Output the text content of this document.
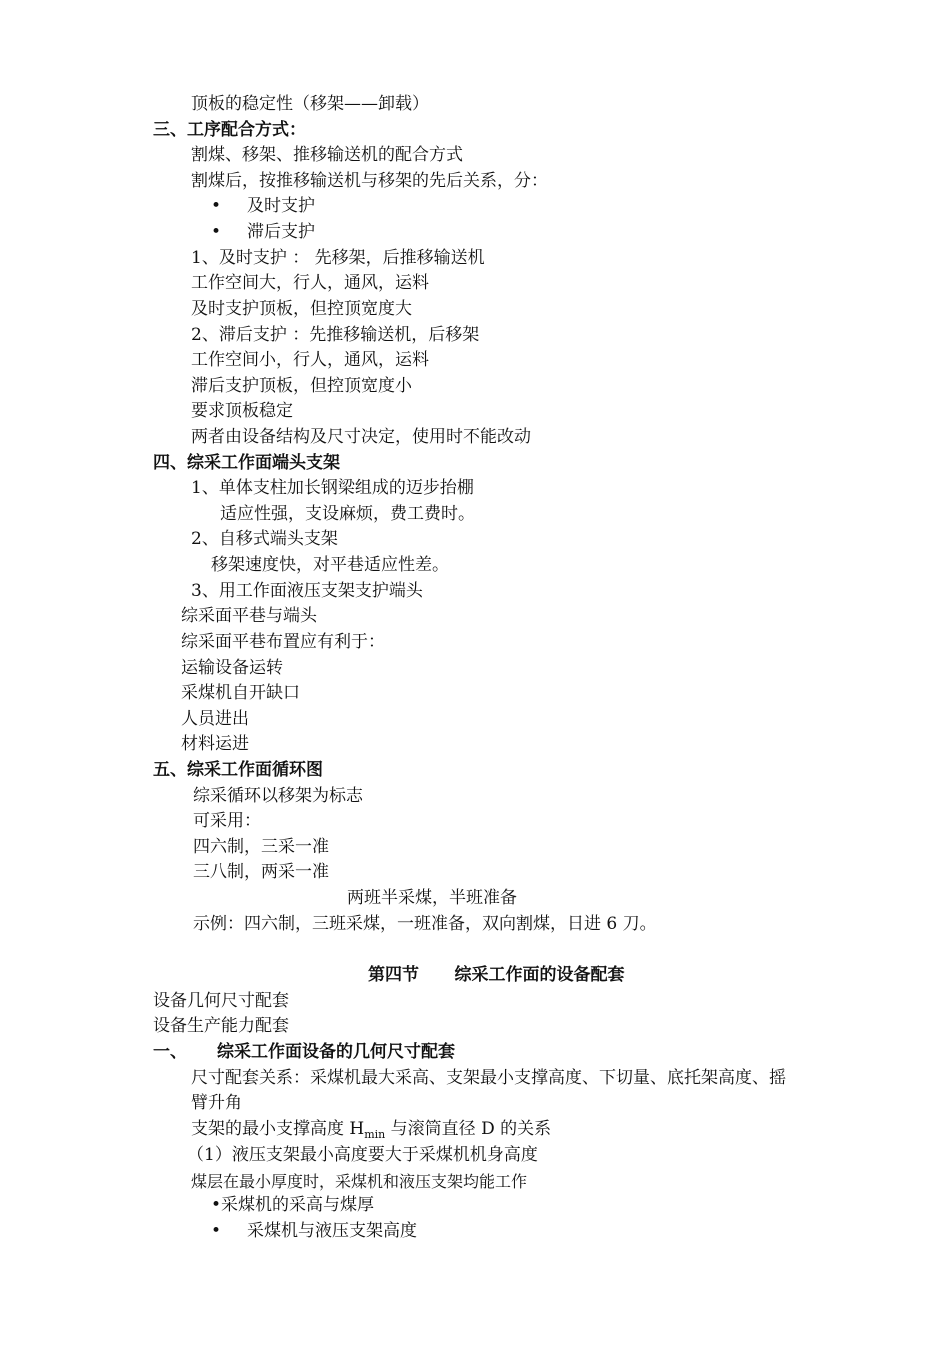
顶板的稳定性（移架——卸载）
三、工序配合方式：
割煤、移架、推移输送机的配合方式
割煤后，按推移输送机与移架的先后关系，分：
• 及时支护
• 滞后支护
1、及时支护 ： 先移架，后推移输送机
工作空间大，行人，通风，运料
及时支护顶板，但控顶宽度大
2、滞后支护 ：先推移输送机，后移架
工作空间小，行人，通风，运料
滞后支护顶板，但控顶宽度小
要求顶板稳定
两者由设备结构及尺寸决定，使用时不能改动
四、综采工作面端头支架
1、单体支柱加长钢梁组成的迈步抬棚
适应性强，支设麻烦，费工费时。
2、自移式端头支架
移架速度快，对平巷适应性差。
3、用工作面液压支架支护端头
综采面平巷与端头
综采面平巷布置应有利于：
运输设备运转
采煤机自开缺口
人员进出
材料运进
五、综采工作面循环图
综采循环以移架为标志
可采用：
四六制，三采一准
三八制，两采一准
两班半采煤，半班准备
示例：四六制，三班采煤，一班准备，双向割煤，日进 6 刀。
第四节      综采工作面的设备配套
设备几何尺寸配套
设备生产能力配套
一、 综采工作面设备的几何尺寸配套
尺寸配套关系：采煤机最大采高、支架最小支撑高度、下切量、底托架高度、摇
臂升角
支架的最小支撑高度 $H_{min}$ 与滚筒直径 D 的关系
（1）液压支架最小高度要大于采煤机机身高度
煤层在最小厚度时，采煤机和液压支架均能工作
•采煤机的采高与煤厚
• 采煤机与液压支架高度
